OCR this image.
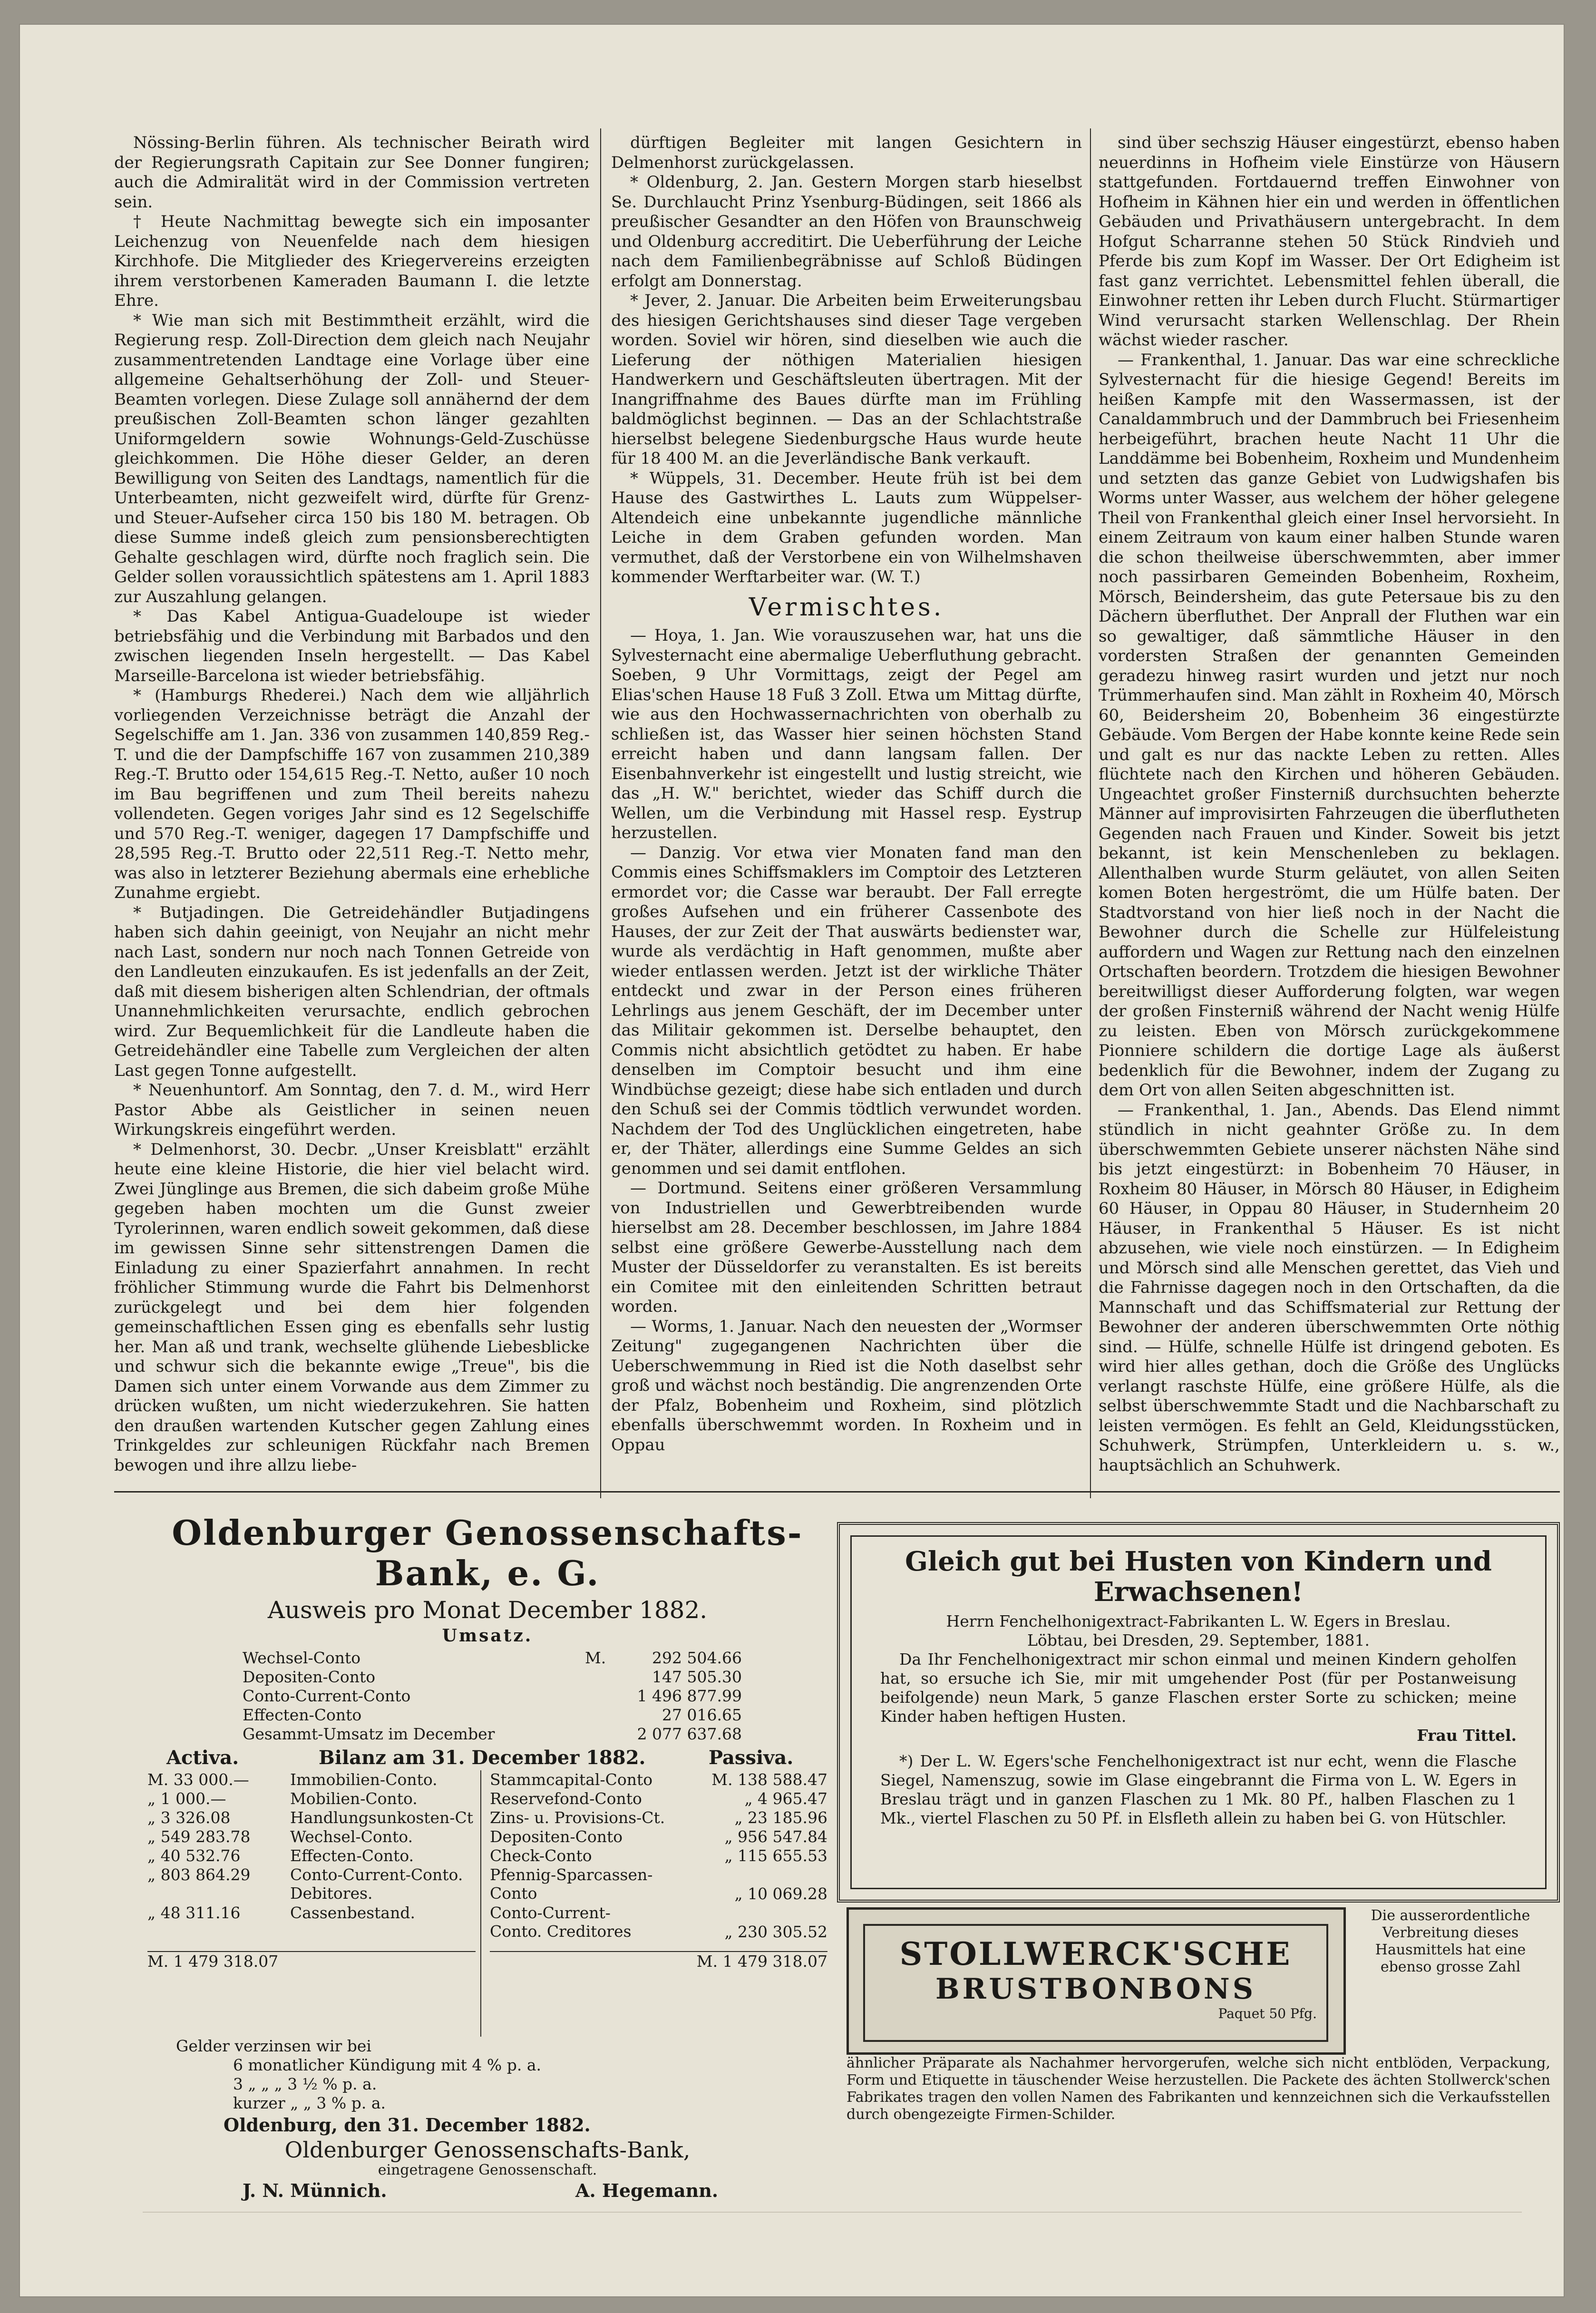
Nössing-Berlin führen. Als technischer Beirath wird der Regierungsrath Capitain zur See Donner fungiren; auch die Admiralität wird in der Commission vertreten sein.

† Heute Nachmittag bewegte sich ein imposanter Leichenzug von Neuenfelde nach dem hiesigen Kirchhofe. Die Mitglieder des Kriegervereins erzeigten ihrem verstorbenen Kameraden Baumann I. die letzte Ehre.

* Wie man sich mit Bestimmtheit erzählt, wird die Regierung resp. Zoll-Direction dem gleich nach Neujahr zusammentretenden Landtage eine Vorlage über eine allgemeine Gehaltserhöhung der Zoll- und Steuer-Beamten vorlegen. Diese Zulage soll annähernd der dem preußischen Zoll-Beamten schon länger gezahlten Uniformgeldern sowie Wohnungs-Geld-Zuschüsse gleichkommen. Die Höhe dieser Gelder, an deren Bewilligung von Seiten des Landtags, namentlich für die Unterbeamten, nicht gezweifelt wird, dürfte für Grenz- und Steuer-Aufseher circa 150 bis 180 M. betragen. Ob diese Summe indeß gleich zum pensionsberechtigten Gehalte geschlagen wird, dürfte noch fraglich sein. Die Gelder sollen voraussichtlich spätestens am 1. April 1883 zur Auszahlung gelangen.

* Das Kabel Antigua-Guadeloupe ist wieder betriebsfähig und die Verbindung mit Barbados und den zwischen liegenden Inseln hergestellt. — Das Kabel Marseille-Barcelona ist wieder betriebsfähig.

* (Hamburgs Rhederei.) Nach dem wie alljährlich vorliegenden Verzeichnisse beträgt die Anzahl der Segelschiffe am 1. Jan. 336 von zusammen 140,859 Reg.-T. und die der Dampfschiffe 167 von zusammen 210,389 Reg.-T. Brutto oder 154,615 Reg.-T. Netto, außer 10 noch im Bau begriffenen und zum Theil bereits nahezu vollendeten. Gegen voriges Jahr sind es 12 Segelschiffe und 570 Reg.-T. weniger, dagegen 17 Dampfschiffe und 28,595 Reg.-T. Brutto oder 22,511 Reg.-T. Netto mehr, was also in letzterer Beziehung abermals eine erhebliche Zunahme ergiebt.

* Butjadingen. Die Getreidehändler Butjadingens haben sich dahin geeinigt, von Neujahr an nicht mehr nach Last, sondern nur noch nach Tonnen Getreide von den Landleuten einzukaufen. Es ist jedenfalls an der Zeit, daß mit diesem bisherigen alten Schlendrian, der oftmals Unannehmlichkeiten verursachte, endlich gebrochen wird. Zur Bequemlichkeit für die Landleute haben die Getreidehändler eine Tabelle zum Vergleichen der alten Last gegen Tonne aufgestellt.

* Neuenhuntorf. Am Sonntag, den 7. d. M., wird Herr Pastor Abbe als Geistlicher in seinen neuen Wirkungskreis eingeführt werden.

* Delmenhorst, 30. Decbr. „Unser Kreisblatt" erzählt heute eine kleine Historie, die hier viel belacht wird. Zwei Jünglinge aus Bremen, die sich dabeim große Mühe gegeben haben mochten um die Gunst zweier Tyrolerinnen, waren endlich soweit gekommen, daß diese im gewissen Sinne sehr sittenstrengen Damen die Einladung zu einer Spazierfahrt annahmen. In recht fröhlicher Stimmung wurde die Fahrt bis Delmenhorst zurückgelegt und bei dem hier folgenden gemeinschaftlichen Essen ging es ebenfalls sehr lustig her. Man aß und trank, wechselte glühende Liebesblicke und schwur sich die bekannte ewige „Treue", bis die Damen sich unter einem Vorwande aus dem Zimmer zu drücken wußten, um nicht wiederzukehren. Sie hatten den draußen wartenden Kutscher gegen Zahlung eines Trinkgeldes zur schleunigen Rückfahr nach Bremen bewogen und ihre allzu liebe-

dürftigen Begleiter mit langen Gesichtern in Delmenhorst zurückgelassen.

* Oldenburg, 2. Jan. Gestern Morgen starb hieselbst Se. Durchlaucht Prinz Ysenburg-Büdingen, seit 1866 als preußischer Gesandter an den Höfen von Braunschweig und Oldenburg accreditirt. Die Ueberführung der Leiche nach dem Familienbegräbnisse auf Schloß Büdingen erfolgt am Donnerstag.

* Jever, 2. Januar. Die Arbeiten beim Erweiterungsbau des hiesigen Gerichtshauses sind dieser Tage vergeben worden. Soviel wir hören, sind dieselben wie auch die Lieferung der nöthigen Materialien hiesigen Handwerkern und Geschäftsleuten übertragen. Mit der Inangriffnahme des Baues dürfte man im Frühling baldmöglichst beginnen. — Das an der Schlachtstraße hierselbst belegene Siedenburgsche Haus wurde heute für 18 400 M. an die Jeverländische Bank verkauft.

* Wüppels, 31. December. Heute früh ist bei dem Hause des Gastwirthes L. Lauts zum Wüppelser-Altendeich eine unbekannte jugendliche männliche Leiche in dem Graben gefunden worden. Man vermuthet, daß der Verstorbene ein von Wilhelmshaven kommender Werftarbeiter war. (W. T.)

Vermischtes.

— Hoya, 1. Jan. Wie vorauszusehen war, hat uns die Sylvesternacht eine abermalige Ueberfluthung gebracht. Soeben, 9 Uhr Vormittags, zeigt der Pegel am Elias'schen Hause 18 Fuß 3 Zoll. Etwa um Mittag dürfte, wie aus den Hochwassernachrichten von oberhalb zu schließen ist, das Wasser hier seinen höchsten Stand erreicht haben und dann langsam fallen. Der Eisenbahnverkehr ist eingestellt und lustig streicht, wie das „H. W." berichtet, wieder das Schiff durch die Wellen, um die Verbindung mit Hassel resp. Eystrup herzustellen.

— Danzig. Vor etwa vier Monaten fand man den Commis eines Schiffsmaklers im Comptoir des Letzteren ermordet vor; die Casse war beraubt. Der Fall erregte großes Aufsehen und ein früherer Cassenbote des Hauses, der zur Zeit der That auswärts bediensteт war, wurde als verdächtig in Haft genommen, mußte aber wieder entlassen werden. Jetzt ist der wirkliche Thäter entdeckt und zwar in der Person eines früheren Lehrlings aus jenem Geschäft, der im December unter das Militair gekommen ist. Derselbe behauptet, den Commis nicht absichtlich getödtet zu haben. Er habe denselben im Comptoir besucht und ihm eine Windbüchse gezeigt; diese habe sich entladen und durch den Schuß sei der Commis tödtlich verwundet worden. Nachdem der Tod des Unglücklichen eingetreten, habe er, der Thäter, allerdings eine Summe Geldes an sich genommen und sei damit entflohen.

— Dortmund. Seitens einer größeren Versammlung von Industriellen und Gewerbtreibenden wurde hierselbst am 28. December beschlossen, im Jahre 1884 selbst eine größere Gewerbe-Ausstellung nach dem Muster der Düsseldorfer zu veranstalten. Es ist bereits ein Comitee mit den einleitenden Schritten betraut worden.

— Worms, 1. Januar. Nach den neuesten der „Wormser Zeitung" zugegangenen Nachrichten über die Ueberschwemmung in Ried ist die Noth daselbst sehr groß und wächst noch beständig. Die angrenzenden Orte der Pfalz, Bobenheim und Roxheim, sind plötzlich ebenfalls überschwemmt worden. In Roxheim und in Oppau

sind über sechszig Häuser eingestürzt, ebenso haben neuerdinns in Hofheim viele Einstürze von Häusern stattgefunden. Fortdauernd treffen Einwohner von Hofheim in Kähnen hier ein und werden in öffentlichen Gebäuden und Privathäusern untergebracht. In dem Hofgut Scharranne stehen 50 Stück Rindvieh und Pferde bis zum Kopf im Wasser. Der Ort Edigheim ist fast ganz verrichtet. Lebensmittel fehlen überall, die Einwohner retten ihr Leben durch Flucht. Stürmartiger Wind verursacht starken Wellenschlag. Der Rhein wächst wieder rascher.

— Frankenthal, 1. Januar. Das war eine schreckliche Sylvesternacht für die hiesige Gegend! Bereits im heißen Kampfe mit den Wassermassen, ist der Canaldammbruch und der Dammbruch bei Friesenheim herbeigeführt, brachen heute Nacht 11 Uhr die Landdämme bei Bobenheim, Roxheim und Mundenheim und setzten das ganze Gebiet von Ludwigshafen bis Worms unter Wasser, aus welchem der höher gelegene Theil von Frankenthal gleich einer Insel hervorsieht. In einem Zeitraum von kaum einer halben Stunde waren die schon theilweise überschwemmten, aber immer noch passirbaren Gemeinden Bobenheim, Roxheim, Mörsch, Beindersheim, das gute Petersaue bis zu den Dächern überfluthet. Der Anprall der Fluthen war ein so gewaltiger, daß sämmtliche Häuser in den vordersten Straßen der genannten Gemeinden geradezu hinweg rasirt wurden und jetzt nur noch Trümmerhaufen sind. Man zählt in Roxheim 40, Mörsch 60, Beidersheim 20, Bobenheim 36 eingestürzte Gebäude. Vom Bergen der Habe konnte keine Rede sein und galt es nur das nackte Leben zu retten. Alles flüchtete nach den Kirchen und höheren Gebäuden. Ungeachtet großer Finsterniß durchsuchten beherzte Männer auf improvisirten Fahrzeugen die überflutheten Gegenden nach Frauen und Kinder. Soweit bis jetzt bekannt, ist kein Menschenleben zu beklagen. Allenthalben wurde Sturm geläutet, von allen Seiten komen Boten hergeströmt, die um Hülfe baten. Der Stadtvorstand von hier ließ noch in der Nacht die Bewohner durch die Schelle zur Hülfeleistung auffordern und Wagen zur Rettung nach den einzelnen Ortschaften beordern. Trotzdem die hiesigen Bewohner bereitwilligst dieser Aufforderung folgten, war wegen der großen Finsterniß während der Nacht wenig Hülfe zu leisten. Eben von Mörsch zurückgekommene Pionniere schildern die dortige Lage als äußerst bedenklich für die Bewohner, indem der Zugang zu dem Ort von allen Seiten abgeschnitten ist.

— Frankenthal, 1. Jan., Abends. Das Elend nimmt stündlich in nicht geahnter Größe zu. In dem überschwemmten Gebiete unserer nächsten Nähe sind bis jetzt eingestürzt: in Bobenheim 70 Häuser, in Roxheim 80 Häuser, in Mörsch 80 Häuser, in Edigheim 60 Häuser, in Oppau 80 Häuser, in Studernheim 20 Häuser, in Frankenthal 5 Häuser. Es ist nicht abzusehen, wie viele noch einstürzen. — In Edigheim und Mörsch sind alle Menschen gerettet, das Vieh und die Fahrnisse dagegen noch in den Ortschaften, da die Mannschaft und das Schiffsmaterial zur Rettung der Bewohner der anderen überschwemmten Orte nöthig sind. — Hülfe, schnelle Hülfe ist dringend geboten. Es wird hier alles gethan, doch die Größe des Unglücks verlangt raschste Hülfe, eine größere Hülfe, als die selbst überschwemmte Stadt und die Nachbarschaft zu leisten vermögen. Es fehlt an Geld, Kleidungsstücken, Schuhwerk, Strümpfen, Unterkleidern u. s. w., hauptsächlich an Schuhwerk.

Oldenburger Genossenschafts-Bank, e. G.
Ausweis pro Monat December 1882.
Umsatz.
Wechsel-Conto	M.	292 504.66
Depositen-Conto	147 505.30
Conto-Current-Conto	1 496 877.99
Effecten-Conto	27 016.65
Gesammt-Umsatz im December	2 077 637.68
Activa.	Bilanz am 31. December 1882.	Passiva.
M. 33 000.—	Immobilien-Conto.
„ 1 000.—	Mobilien-Conto.
„ 3 326.08	Handlungsunkosten-Ct
„ 549 283.78	Wechsel-Conto.
„ 40 532.76	Effecten-Conto.
„ 803 864.29	Conto-Current-Conto. Debitores.
„ 48 311.16	Cassenbestand.
M. 1 479 318.07
Stammcapital-Conto	M. 138 588.47
Reservefond-Conto	„ 4 965.47
Zins- u. Provisions-Ct.	„ 23 185.96
Depositen-Conto	„ 956 547.84
Check-Conto	„ 115 655.53
Pfennig-Sparcassen-Conto	„ 10 069.28
Conto-Current-Conto. Creditores	„ 230 305.52
M. 1 479 318.07
Gelder verzinsen wir bei
6 monatlicher Kündigung mit 4 % p. a.
3 „ „ „ 3 ½ % p. a.
kurzer „ „ 3 % p. a.
Oldenburg, den 31. December 1882.
Oldenburger Genossenschafts-Bank,
eingetragene Genossenschaft.
J. N. Münnich.	A. Hegemann.
Gleich gut bei Husten von Kindern und
Erwachsenen!

Herrn Fenchelhonigextract-Fabrikanten L. W. Egers in Breslau.

Löbtau, bei Dresden, 29. September, 1881.

Da Ihr Fenchelhonigextract mir schon einmal und meinen Kindern geholfen hat, so ersuche ich Sie, mir mit umgehender Post (für per Postanweisung beifolgende) neun Mark, 5 ganze Flaschen erster Sorte zu schicken; meine Kinder haben heftigen Husten.

Frau Tittel.

*) Der L. W. Egers'sche Fenchelhonigextract ist nur echt, wenn die Flasche Siegel, Namenszug, sowie im Glase eingebrannt die Firma von L. W. Egers in Breslau trägt und in ganzen Flaschen zu 1 Mk. 80 Pf., halben Flaschen zu 1 Mk., viertel Flaschen zu 50 Pf. in Elsfleth allein zu haben bei G. von Hütschler.

STOLLWERCK'SCHE
BRUSTBONBONS
Paquet 50 Pfg.
Die ausserordentliche Verbreitung dieses Hausmittels hat eine ebenso grosse Zahl
ähnlicher Präparate als Nachahmer hervorgerufen, welche sich nicht entblöden, Verpackung, Form und Etiquette in täuschender Weise herzustellen. Die Packete des ächten Stollwerck'schen Fabrikates tragen den vollen Namen des Fabrikanten und kennzeichnen sich die Verkaufsstellen durch obengezeigte Firmen-Schilder.
